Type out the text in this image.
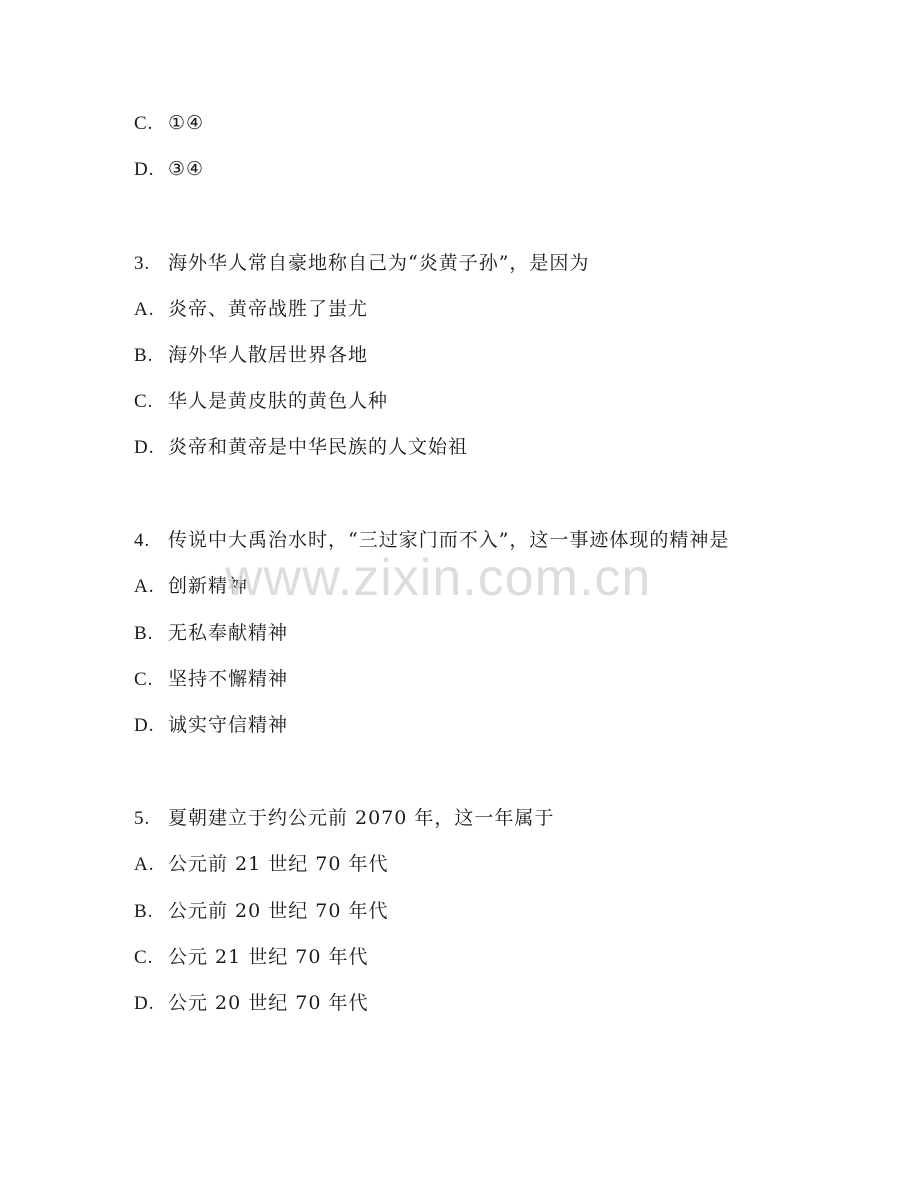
C. ①④
D. ③④
3. 海外华人常自豪地称自己为“炎黄子孙”，是因为
A. 炎帝、黄帝战胜了蚩尤
B. 海外华人散居世界各地
C. 华人是黄皮肤的黄色人种
D. 炎帝和黄帝是中华民族的人文始祖
4. 传说中大禹治水时，“三过家门而不入”，这一事迹体现的精神是
A. 创新精神
B. 无私奉献精神
C. 坚持不懈精神
D. 诚实守信精神
5. 夏朝建立于约公元前 2070 年，这一年属于
A. 公元前 21 世纪 70 年代
B. 公元前 20 世纪 70 年代
C. 公元 21 世纪 70 年代
D. 公元 20 世纪 70 年代
www.zixin.com.cn
